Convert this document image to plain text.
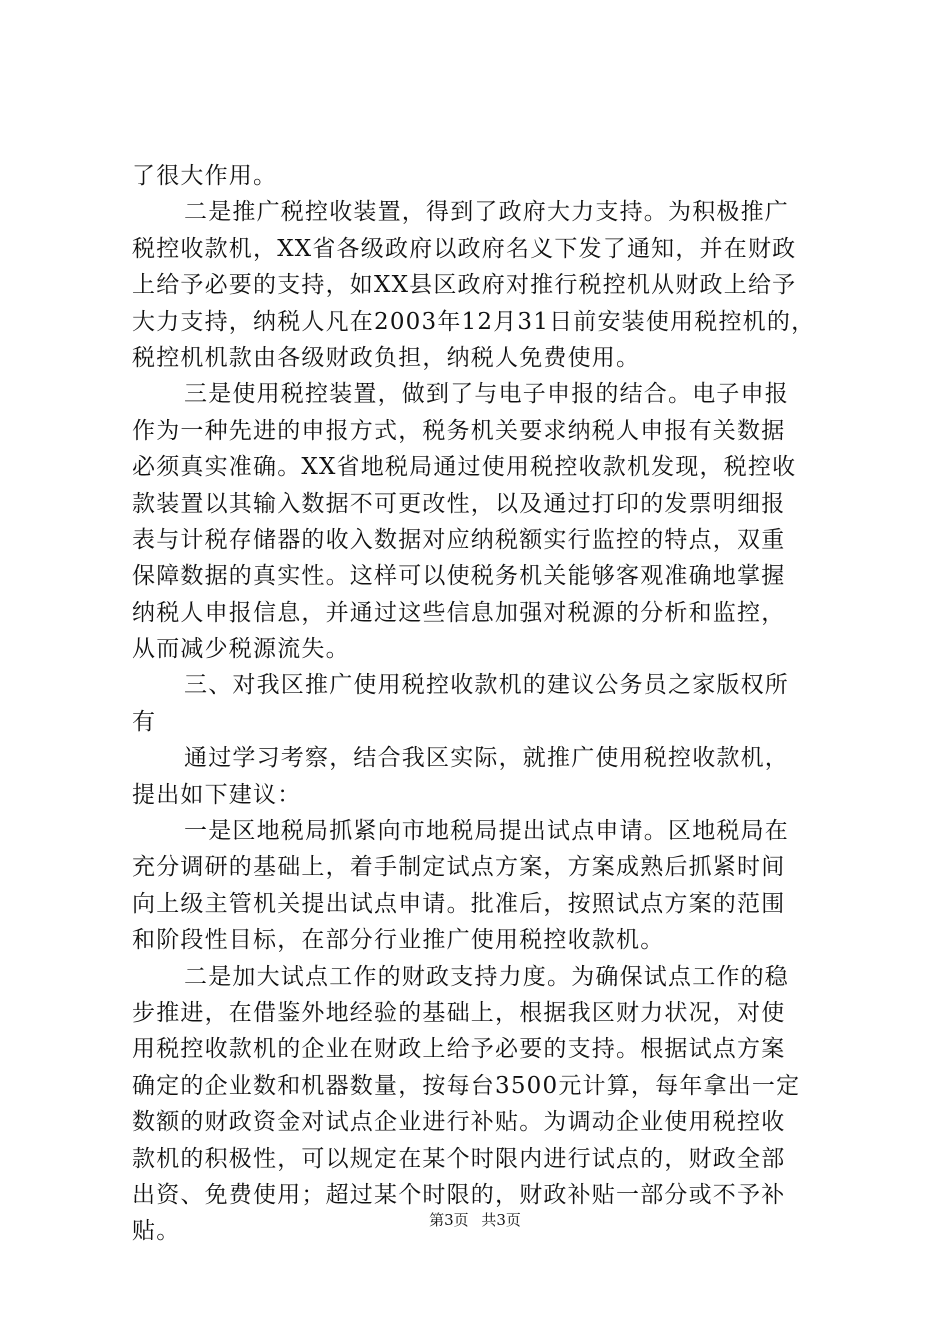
了很大作用。
二是推广税控收装置，得到了政府大力支持。为积极推广
税控收款机，XX省各级政府以政府名义下发了通知，并在财政
上给予必要的支持，如XX县区政府对推行税控机从财政上给予
大力支持，纳税人凡在2003年12月31日前安装使用税控机的，
税控机机款由各级财政负担，纳税人免费使用。
三是使用税控装置，做到了与电子申报的结合。电子申报
作为一种先进的申报方式，税务机关要求纳税人申报有关数据
必须真实准确。XX省地税局通过使用税控收款机发现，税控收
款装置以其输入数据不可更改性，以及通过打印的发票明细报
表与计税存储器的收入数据对应纳税额实行监控的特点，双重
保障数据的真实性。这样可以使税务机关能够客观准确地掌握
纳税人申报信息，并通过这些信息加强对税源的分析和监控，
从而减少税源流失。
三、对我区推广使用税控收款机的建议公务员之家版权所
有
通过学习考察，结合我区实际，就推广使用税控收款机，
提出如下建议：
一是区地税局抓紧向市地税局提出试点申请。区地税局在
充分调研的基础上，着手制定试点方案，方案成熟后抓紧时间
向上级主管机关提出试点申请。批准后，按照试点方案的范围
和阶段性目标，在部分行业推广使用税控收款机。
二是加大试点工作的财政支持力度。为确保试点工作的稳
步推进，在借鉴外地经验的基础上，根据我区财力状况，对使
用税控收款机的企业在财政上给予必要的支持。根据试点方案
确定的企业数和机器数量，按每台3500元计算，每年拿出一定
数额的财政资金对试点企业进行补贴。为调动企业使用税控收
款机的积极性，可以规定在某个时限内进行试点的，财政全部
出资、免费使用；超过某个时限的，财政补贴一部分或不予补
贴。	第3页 共3页
